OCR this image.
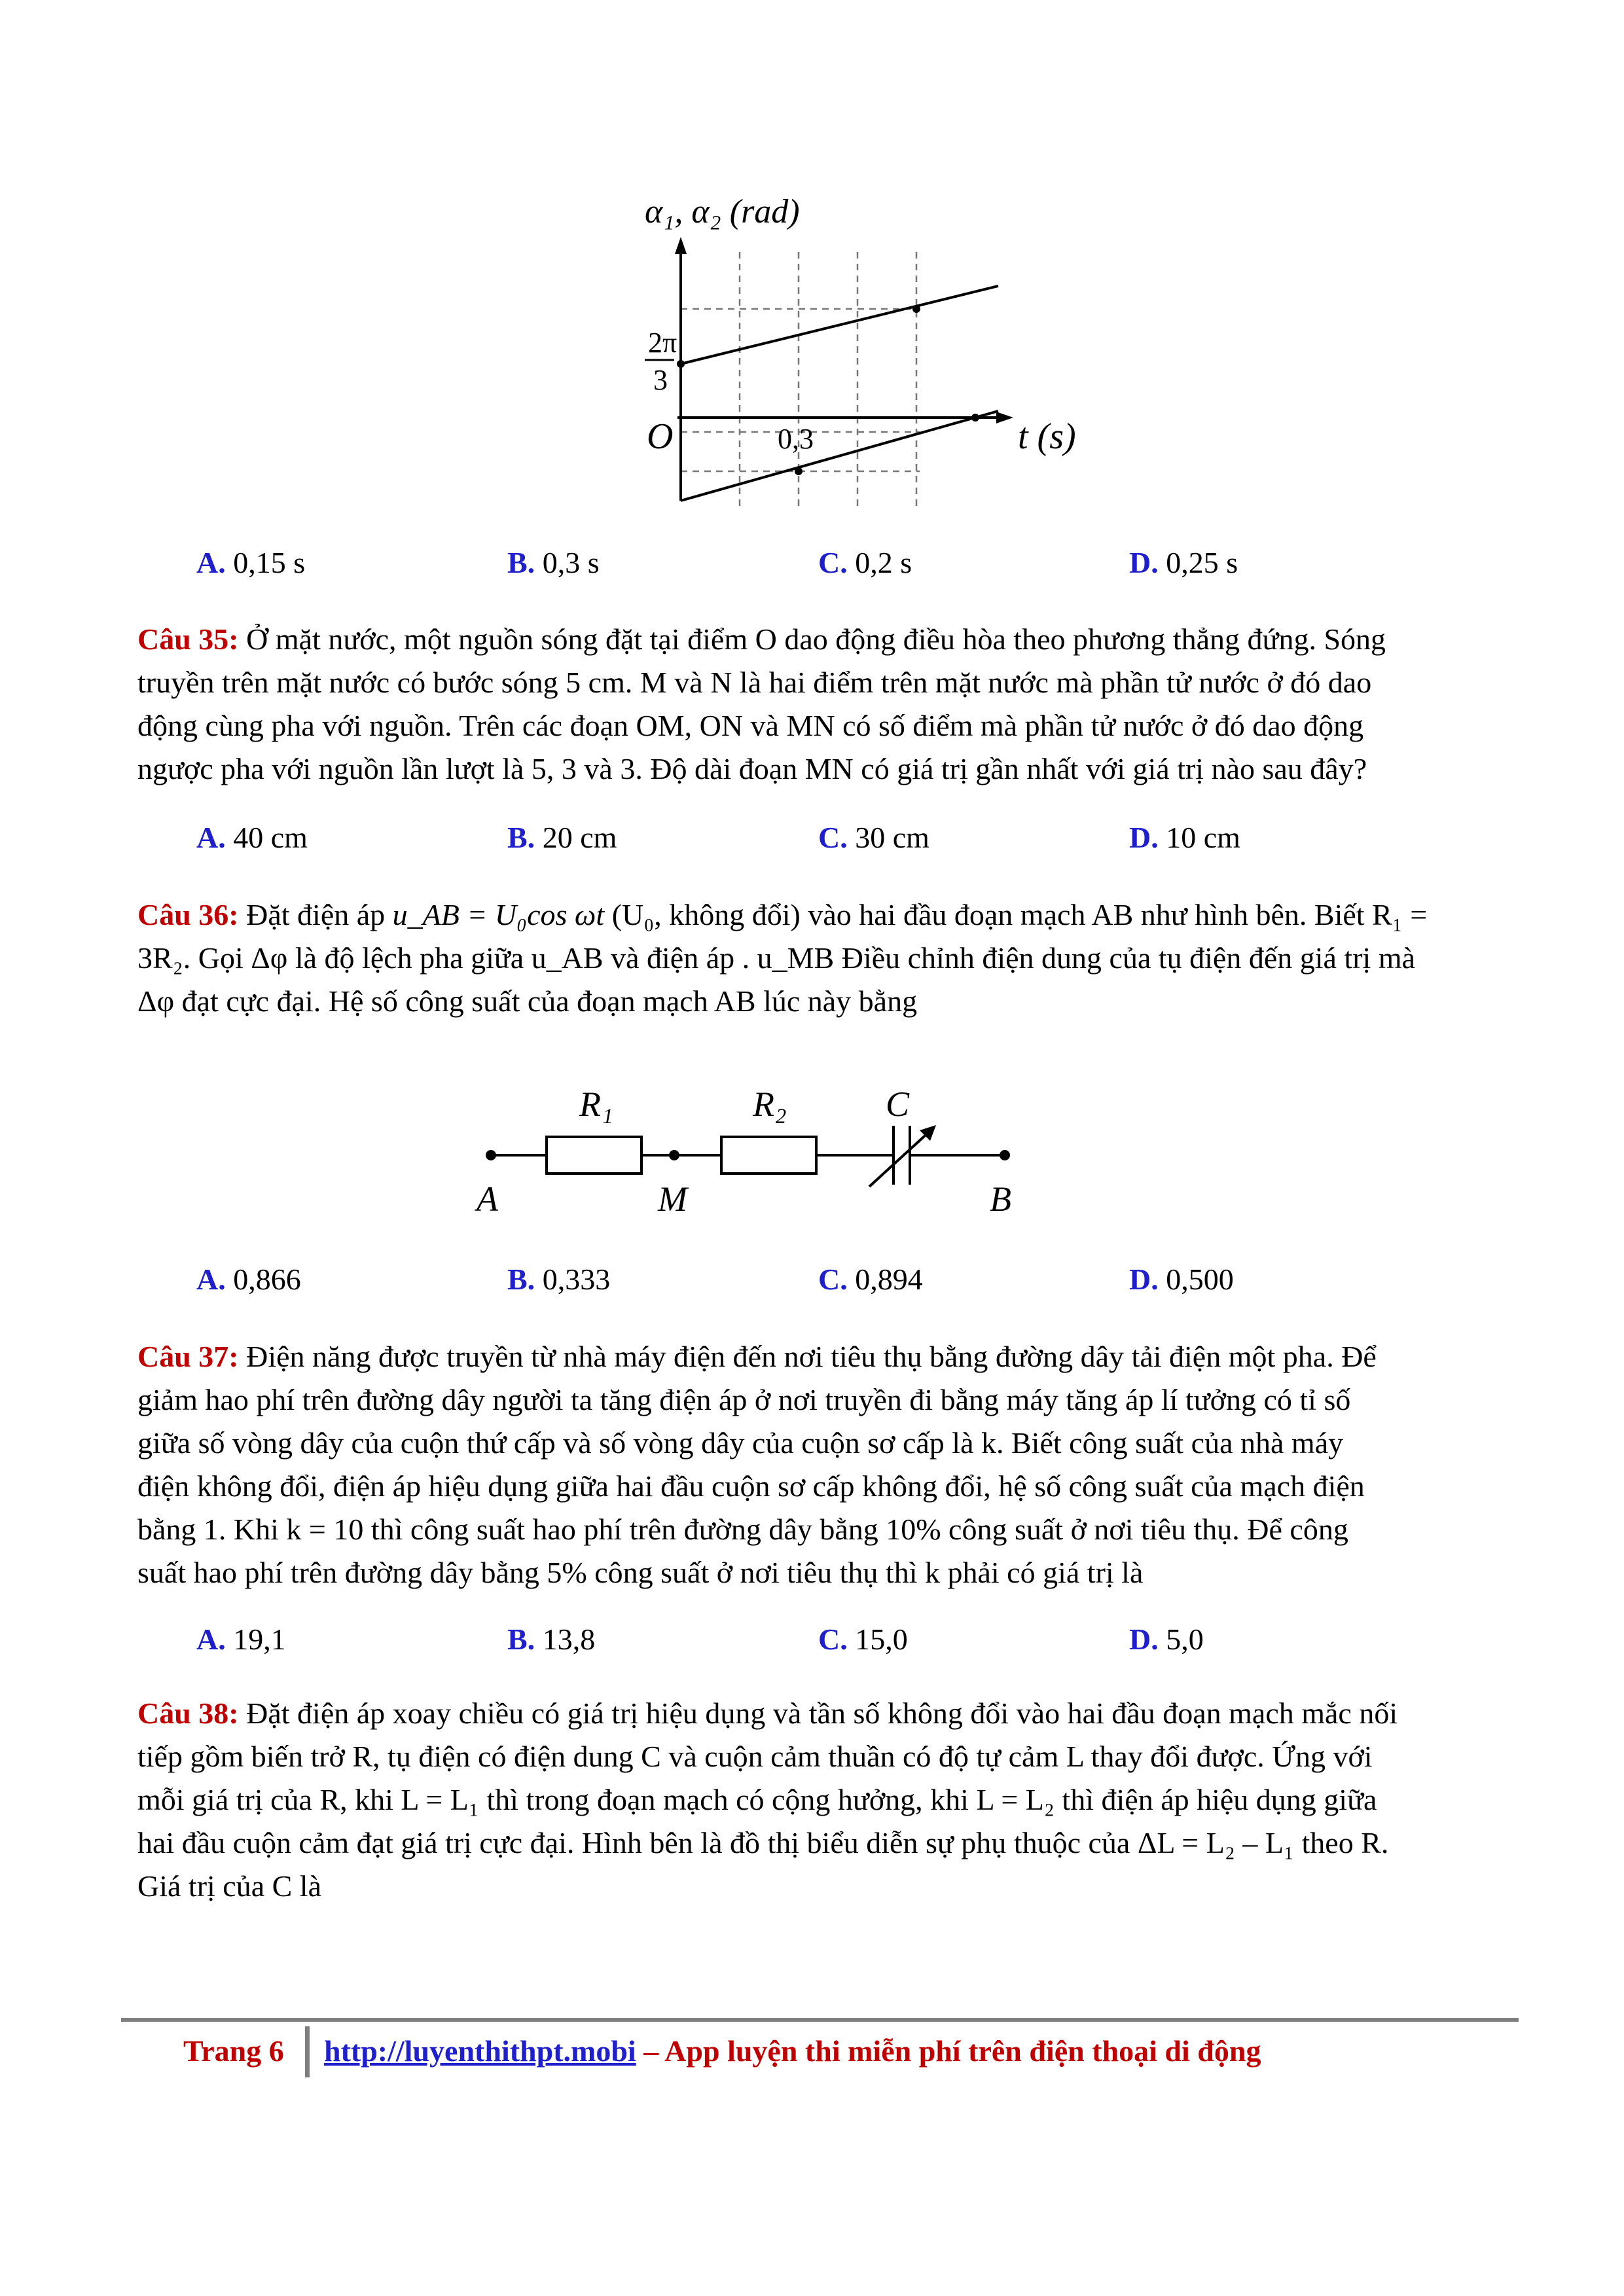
α₁, α₂ (rad)
2π
3
O	0,3	t (s)
A. 0,15 s	B. 0,3 s	C. 0,2 s	D. 0,25 s
Câu 35: Ở mặt nước, một nguồn sóng đặt tại điểm O dao động điều hòa theo phương thẳng đứng. Sóng
truyền trên mặt nước có bước sóng 5 cm. M và N là hai điểm trên mặt nước mà phần tử nước ở đó dao
động cùng pha với nguồn. Trên các đoạn OM, ON và MN có số điểm mà phần tử nước ở đó dao động
ngược pha với nguồn lần lượt là 5, 3 và 3. Độ dài đoạn MN có giá trị gần nhất với giá trị nào sau đây?
A. 40 cm	B. 20 cm	C. 30 cm	D. 10 cm
Câu 36: Đặt điện áp u_AB = U₀cos ωt (U₀, không đổi) vào hai đầu đoạn mạch AB như hình bên. Biết R₁ =
3R₂. Gọi Δφ là độ lệch pha giữa u_AB và điện áp . u_MB Điều chỉnh điện dung của tụ điện đến giá trị mà
Δφ đạt cực đại. Hệ số công suất của đoạn mạch AB lúc này bằng
R₁	R₂	C
A	M	B
A. 0,866	B. 0,333	C. 0,894	D. 0,500
Câu 37: Điện năng được truyền từ nhà máy điện đến nơi tiêu thụ bằng đường dây tải điện một pha. Để
giảm hao phí trên đường dây người ta tăng điện áp ở nơi truyền đi bằng máy tăng áp lí tưởng có tỉ số
giữa số vòng dây của cuộn thứ cấp và số vòng dây của cuộn sơ cấp là k. Biết công suất của nhà máy
điện không đổi, điện áp hiệu dụng giữa hai đầu cuộn sơ cấp không đổi, hệ số công suất của mạch điện
bằng 1. Khi k = 10 thì công suất hao phí trên đường dây bằng 10% công suất ở nơi tiêu thụ. Để công
suất hao phí trên đường dây bằng 5% công suất ở nơi tiêu thụ thì k phải có giá trị là
A. 19,1	B. 13,8	C. 15,0	D. 5,0
Câu 38: Đặt điện áp xoay chiều có giá trị hiệu dụng và tần số không đổi vào hai đầu đoạn mạch mắc nối
tiếp gồm biến trở R, tụ điện có điện dung C và cuộn cảm thuần có độ tự cảm L thay đổi được. Ứng với
mỗi giá trị của R, khi L = L₁ thì trong đoạn mạch có cộng hưởng, khi L = L₂ thì điện áp hiệu dụng giữa
hai đầu cuộn cảm đạt giá trị cực đại. Hình bên là đồ thị biểu diễn sự phụ thuộc của ΔL = L₂ – L₁ theo R.
Giá trị của C là
Trang 6 http://luyenthithpt.mobi – App luyện thi miễn phí trên điện thoại di động
